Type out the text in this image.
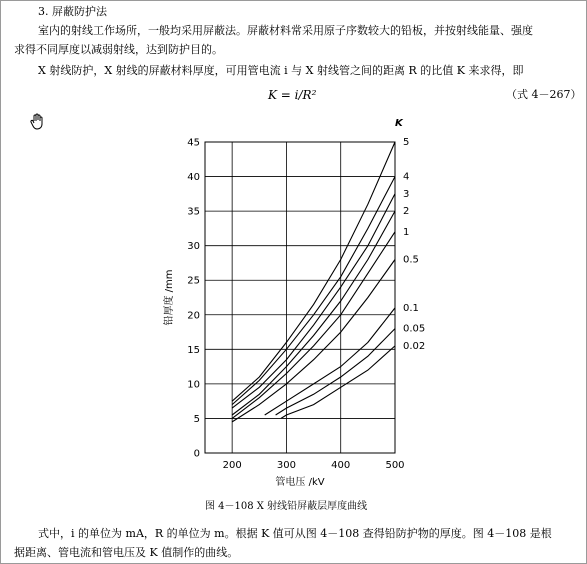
3. 屏蔽防护法
室内的射线工作场所，一般均采用屏蔽法。屏蔽材料常采用原子序数较大的铅板，并按射线能量、强度
求得不同厚度以减弱射线，达到防护目的。
X 射线防护，X 射线的屏蔽材料厚度，可用管电流 i 与 X 射线管之间的距离 R 的比值 K 来求得，即
K = i/R²	（式 4－267）
0
5
10
15
20
25
30
35
40
45
200	300	400	500
5
4
3
2
1
0.5
0.1
0.05
0.02
管电压 /kV
铅厚度 /mm
K
图 4－108 X 射线铅屏蔽层厚度曲线
式中，i 的单位为 mA，R 的单位为 m。根据 K 值可从图 4－108 查得铅防护物的厚度。图 4－108 是根
据距离、管电流和管电压及 K 值制作的曲线。
